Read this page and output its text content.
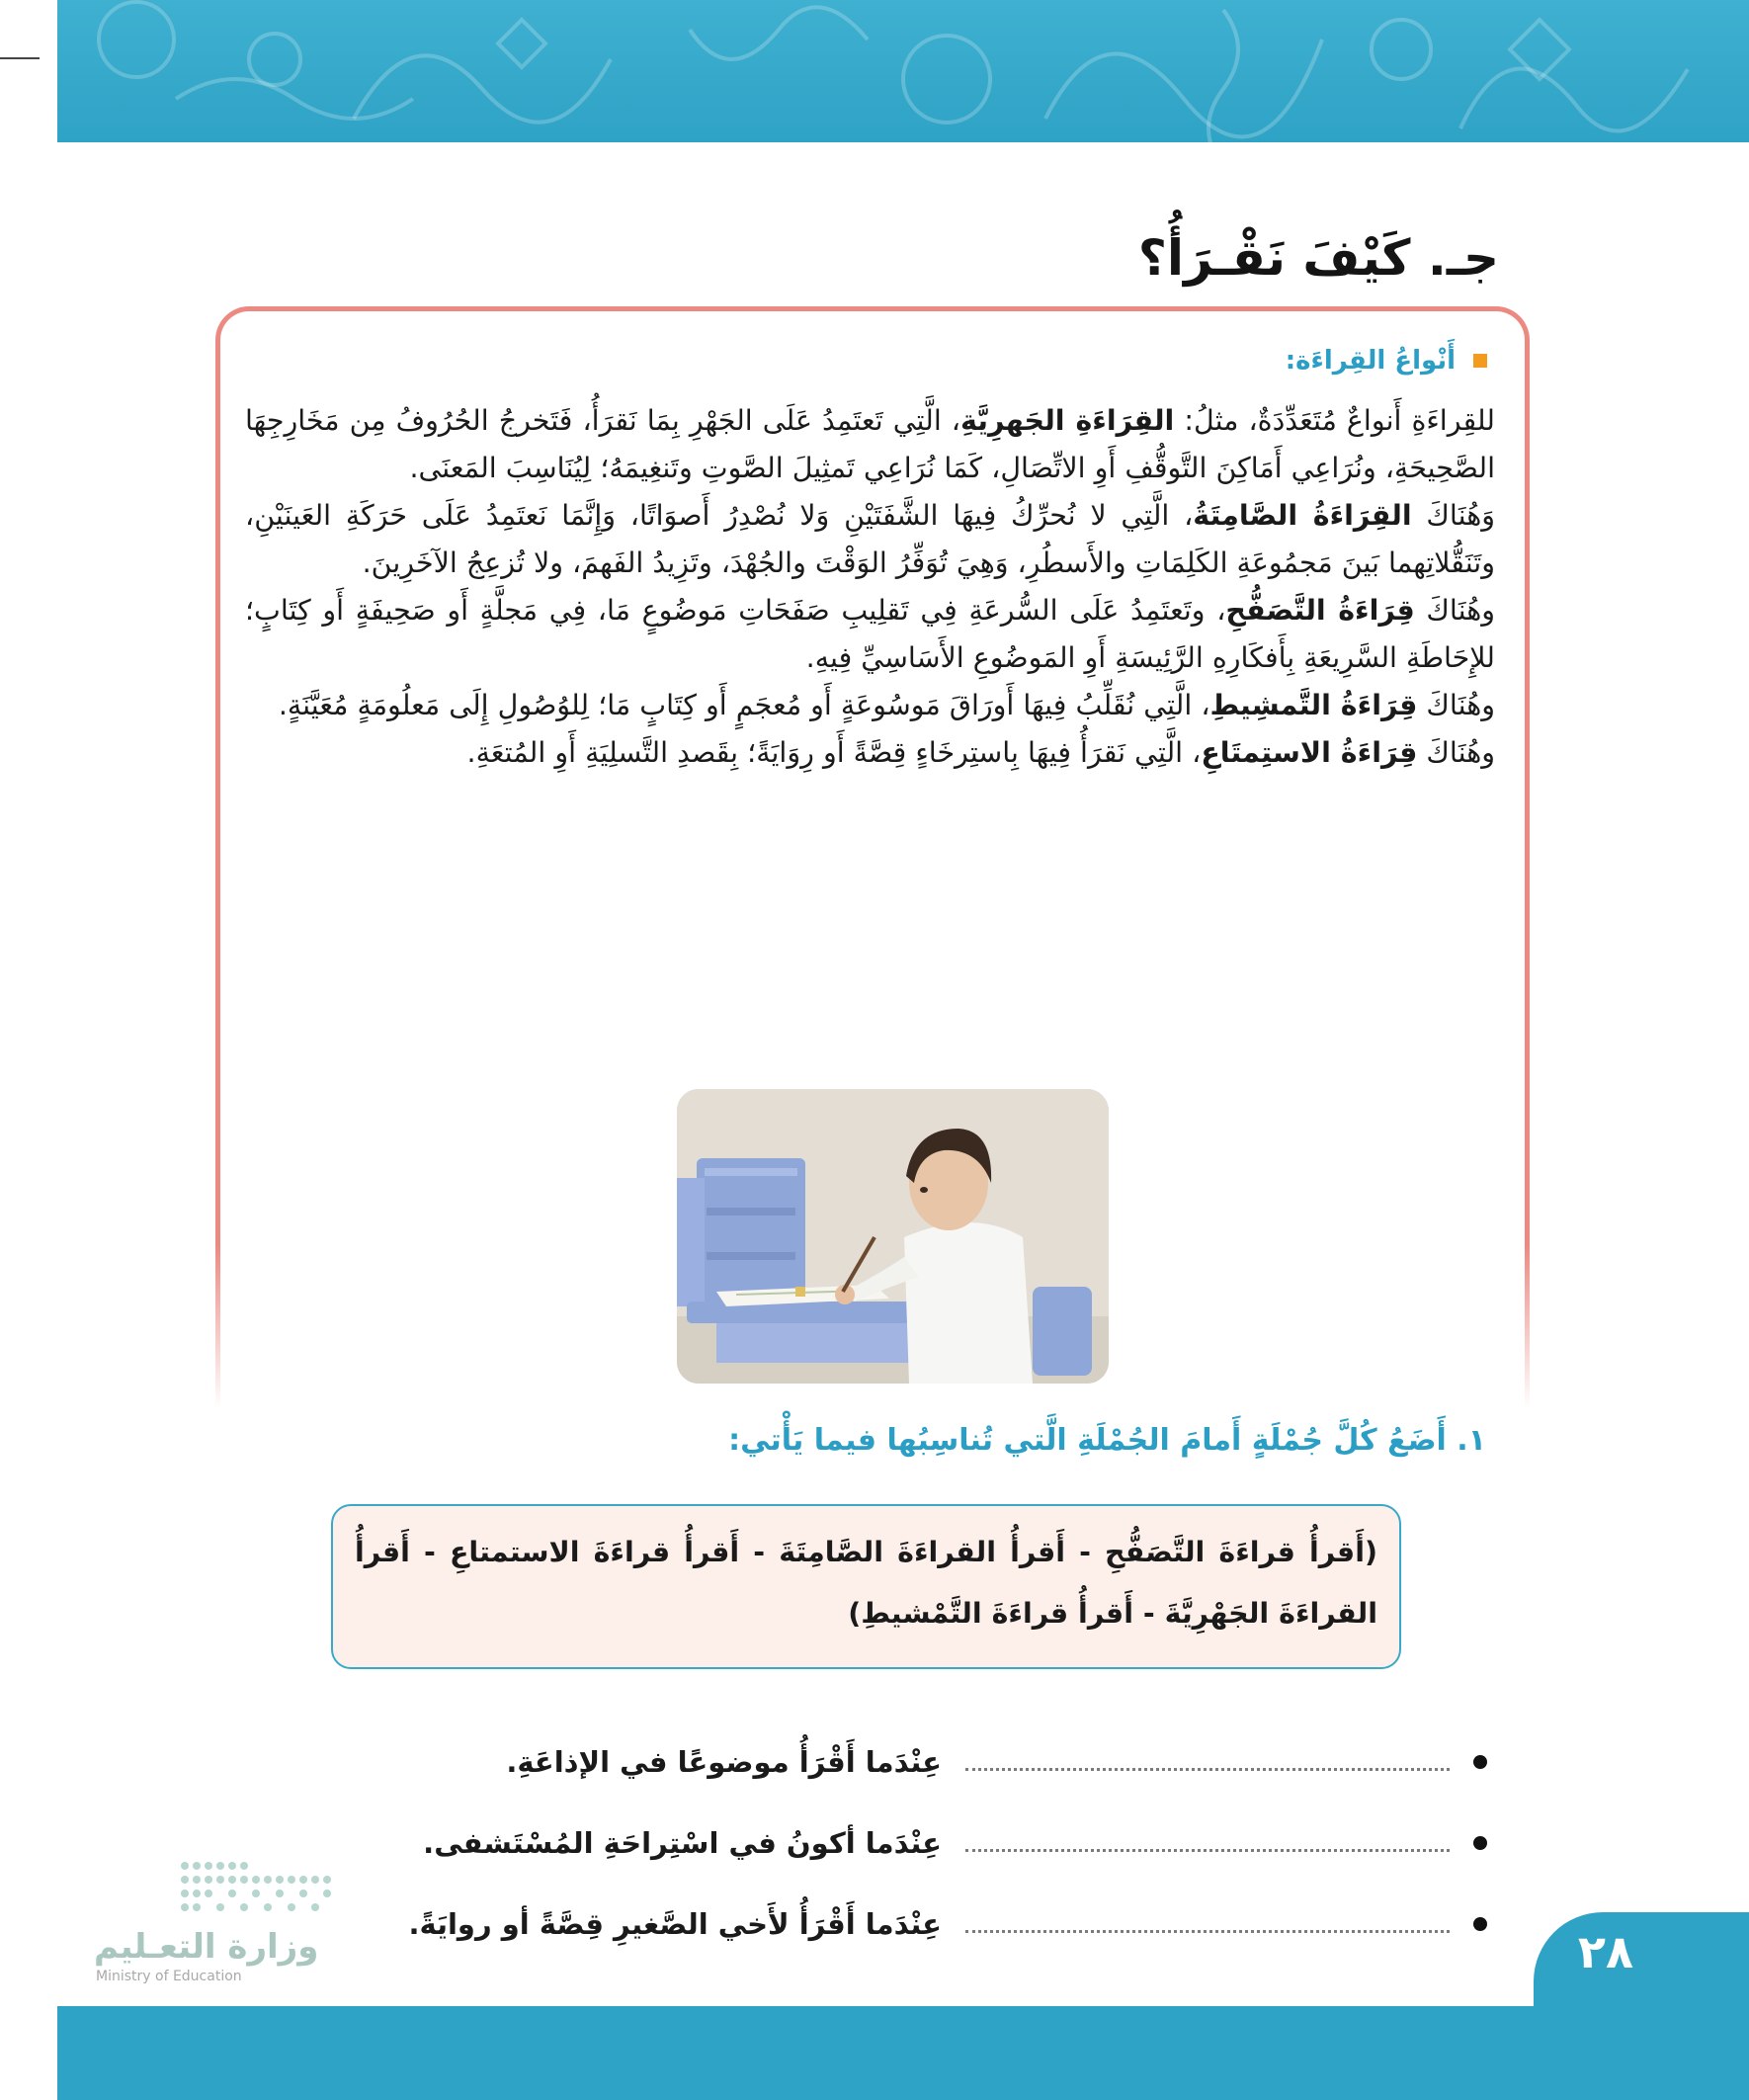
جـ. كَيْفَ نَقْـرَأُ؟
أَنْواعُ القِراءَة:

للقِراءَةِ أَنواعٌ مُتَعَدِّدَةٌ، مثلُ: القِرَاءَةِ الجَهرِيَّةِ، الَّتِي تَعتَمِدُ عَلَى الجَهْرِ بِمَا نَقرَأُ، فَتَخرجُ الحُرُوفُ مِن مَخَارِجِهَا الصَّحِيحَةِ، ونُرَاعِي أَمَاكِنَ التَّوقُّفِ أَوِ الاتِّصَالِ، كَمَا نُرَاعِي تَمثِيلَ الصَّوتِ وتَنغِيمَهُ؛ لِيُنَاسِبَ المَعنَى.

وَهُنَاكَ القِرَاءَةُ الصَّامِتَةُ، الَّتِي لا نُحرِّكُ فِيهَا الشَّفَتَيْنِ وَلا نُصْدِرُ أَصوَاتًا، وَإِنَّمَا نَعتَمِدُ عَلَى حَرَكَةِ العَينَيْنِ، وتَنَقُّلاتِهما بَينَ مَجمُوعَةِ الكَلِمَاتِ والأَسطُرِ، وَهِيَ تُوَفِّرُ الوَقْتَ والجُهْدَ، وتَزِيدُ الفَهمَ، ولا تُزعِجُ الآخَرِينَ.

وهُنَاكَ قِرَاءَةُ التَّصَفُّحِ، وتَعتَمِدُ عَلَى السُّرعَةِ فِي تَقلِيبِ صَفَحَاتِ مَوضُوعٍ مَا، فِي مَجلَّةٍ أَو صَحِيفَةٍ أَو كِتَابٍ؛ للإِحَاطَةِ السَّرِيعَةِ بِأَفكَارِهِ الرَّئِيسَةِ أَوِ المَوضُوعِ الأَسَاسِيِّ فِيهِ.

وهُنَاكَ قِرَاءَةُ التَّمشِيطِ، الَّتِي نُقَلِّبُ فِيهَا أَورَاقَ مَوسُوعَةٍ أَو مُعجَمٍ أَو كِتَابٍ مَا؛ لِلوُصُولِ إِلَى مَعلُومَةٍ مُعَيَّنَةٍ.

وهُنَاكَ قِرَاءَةُ الاستِمتَاعِ، الَّتِي نَقرَأُ فِيهَا بِاستِرخَاءٍ قِصَّةً أَو رِوَايَةً؛ بِقَصدِ التَّسلِيَةِ أَوِ المُتعَةِ.

١. أَضَعُ كُلَّ جُمْلَةٍ أَمامَ الجُمْلَةِ الَّتي تُناسِبُها فيما يَأْتي:
(أَقرأُ قراءَةَ التَّصَفُّحِ - أَقرأُ القراءَةَ الصَّامِتَةَ - أَقرأُ قراءَةَ الاستمتاعِ - أَقرأُ القراءَةَ الجَهْرِيَّةَ - أَقرأُ قراءَةَ التَّمْشيطِ)
عِنْدَما أَقْرَأُ موضوعًا في الإذاعَةِ.
عِنْدَما أكونُ في اسْتِراحَةِ المُسْتَشفى.
عِنْدَما أَقْرَأُ لأَخي الصَّغيرِ قِصَّةً أو روايَةً.
وزارة التعـليم
Ministry of Education	٢٨
